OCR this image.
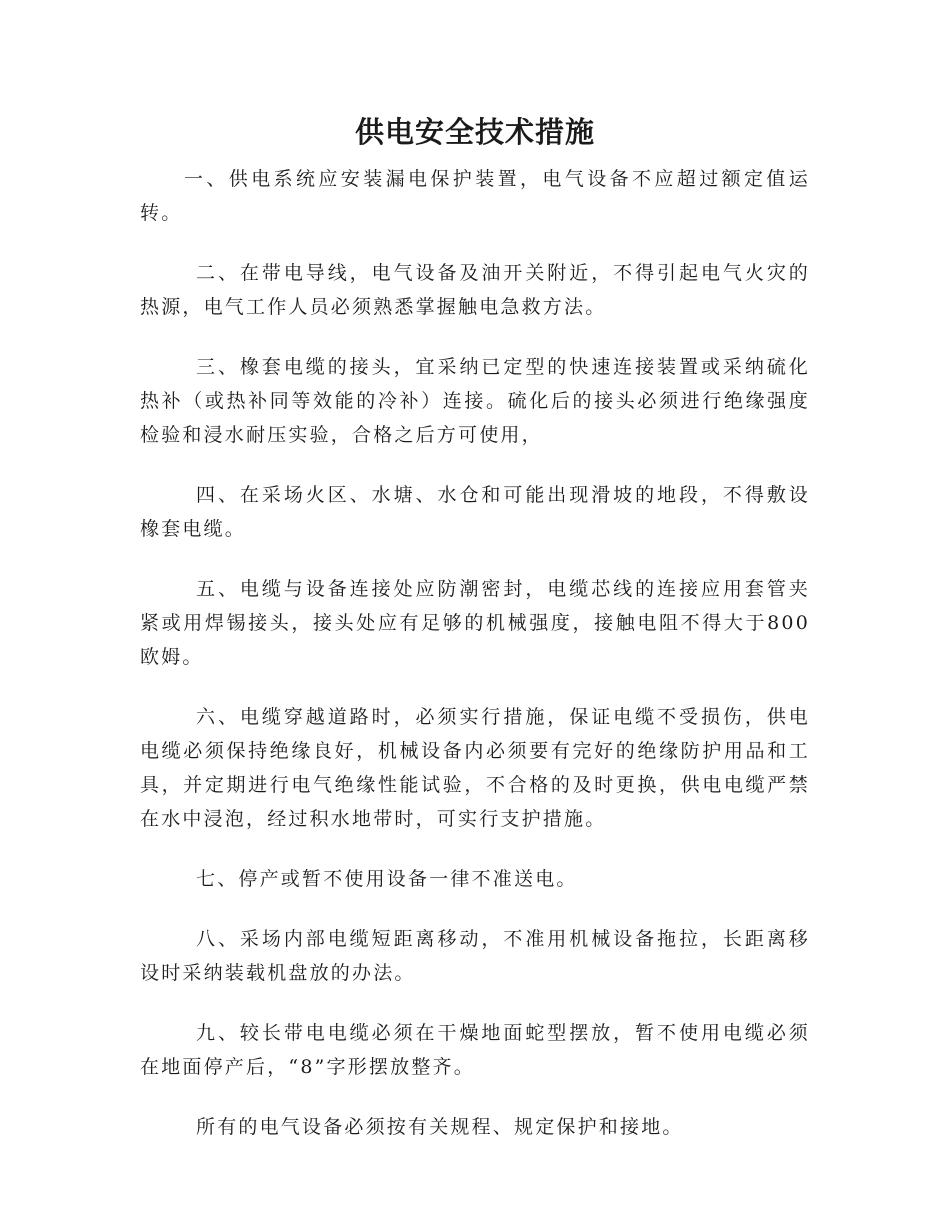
供电安全技术措施

一、供电系统应安装漏电保护装置，电气设备不应超过额定值运转。

二、在带电导线，电气设备及油开关附近，不得引起电气火灾的热源，电气工作人员必须熟悉掌握触电急救方法。

三、橡套电缆的接头，宜采纳已定型的快速连接装置或采纳硫化热补（或热补同等效能的冷补）连接。硫化后的接头必须进行绝缘强度检验和浸水耐压实验，合格之后方可使用，

四、在采场火区、水塘、水仓和可能出现滑坡的地段，不得敷设橡套电缆。

五、电缆与设备连接处应防潮密封，电缆芯线的连接应用套管夹紧或用焊锡接头，接头处应有足够的机械强度，接触电阻不得大于800欧姆。

六、电缆穿越道路时，必须实行措施，保证电缆不受损伤，供电电缆必须保持绝缘良好，机械设备内必须要有完好的绝缘防护用品和工具，并定期进行电气绝缘性能试验，不合格的及时更换，供电电缆严禁在水中浸泡，经过积水地带时，可实行支护措施。

七、停产或暂不使用设备一律不准送电。

八、采场内部电缆短距离移动，不准用机械设备拖拉，长距离移设时采纳装载机盘放的办法。

九、较长带电电缆必须在干燥地面蛇型摆放，暂不使用电缆必须在地面停产后，“8”字形摆放整齐。

所有的电气设备必须按有关规程、规定保护和接地。
